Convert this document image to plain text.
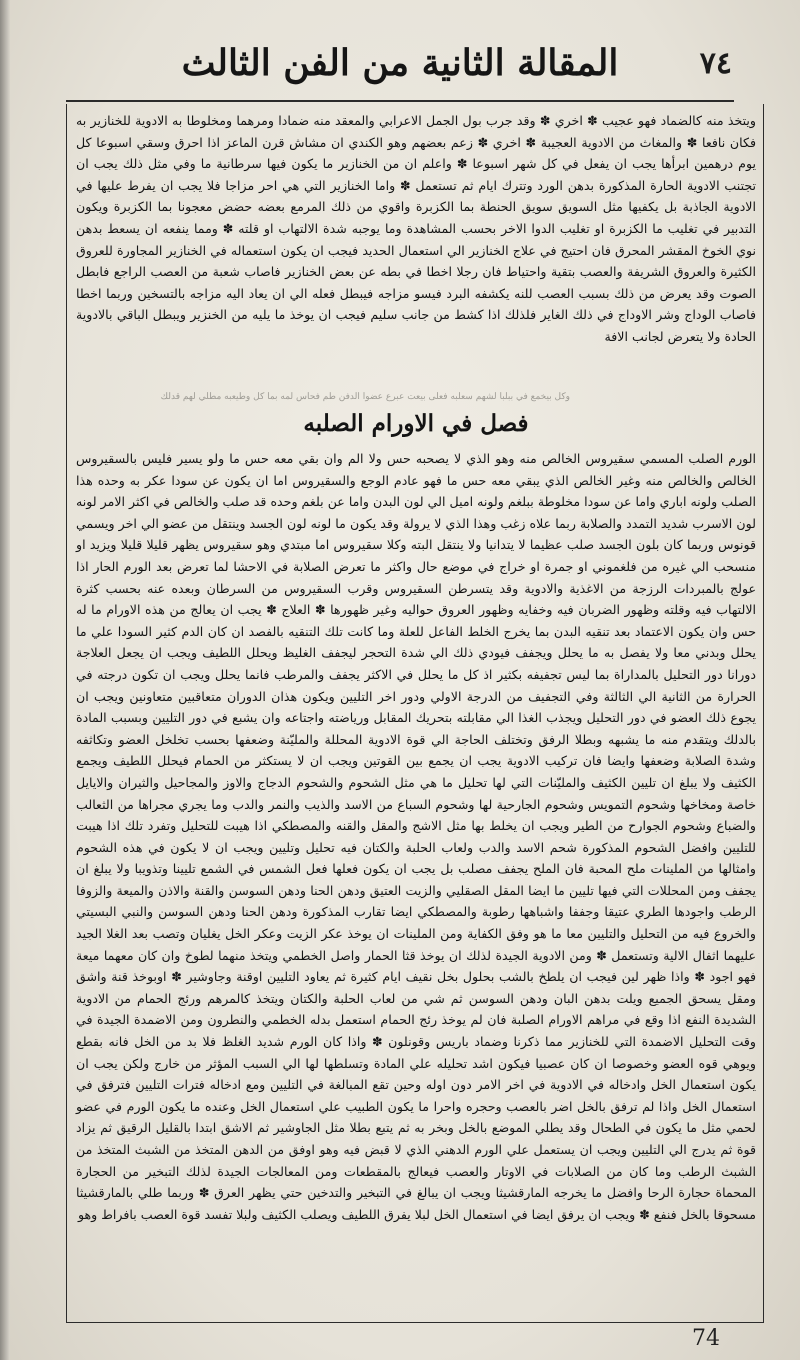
٧٤
المقالة الثانية من الفن الثالث
وكل بيخمع في ببلبا لشهم سعلبه فعلى بيعت عبرع عضوا الدفن طم فحاس لمه بما كل وطيعبه مطلي لهم قدلك

ويتخذ منه كالضماد فهو عجيب ✽ اخري ✽ وقد جرب بول الجمل الاعرابي والمعقد منه ضمادا ومرهما ومخلوطا به الادوية للخنازير به فكان نافعا ✽ والمغاث من الادوية العجيبة ✽ اخري ✽ زعم بعضهم وهو الكندي ان مشاش قرن الماعز اذا احرق وسقي اسبوعا كل يوم درهمين ابرأها يجب ان يفعل في كل شهر اسبوعا ✽ واعلم ان من الخنازير ما يكون فيها سرطانية ما وفي مثل ذلك يجب ان تجتنب الادوية الحارة المذكورة بدهن الورد وتترك ايام ثم تستعمل ✽ واما الخنازير التي هي احر مزاجا فلا يجب ان يفرط عليها في الادوية الجاذبة بل يكفيها مثل السويق سويق الحنطة بما الكزبرة واقوي من ذلك المرمع بعضه حضض معجونا بما الكزبرة ويكون التدبير في تغليب ما الكزبرة او تغليب الدوا الاخر بحسب المشاهدة وما يوجبه شدة الالتهاب او قلته ✽ ومما ينفعه ان يسعط بدهن نوي الخوخ المقشر المحرق فان احتيج في علاج الخنازير الي استعمال الحديد فيجب ان يكون استعماله في الخنازير المجاورة للعروق الكثيرة والعروق الشريفة والعصب بتقية واحتياط فان رجلا اخطا في بطه عن بعض الخنازير فاصاب شعبة من العصب الراجع فابطل الصوت وقد يعرض من ذلك بسبب العصب للنه يكشفه البرد فيسو مزاجه فيبطل فعله الي ان يعاد اليه مزاجه بالتسخين وربما اخطا فاصاب الوداج وشر الاوداج في ذلك الغاير فلذلك اذا كشط من جانب سليم فيجب ان يوخذ ما يليه من الخنزير ويبطل الباقي بالادوية الحادة ولا يتعرض لجانب الافة

فصل في الاورام الصلبه

الورم الصلب المسمي سقيروس الخالص منه وهو الذي لا يصحبه حس ولا الم وان بقي معه حس ما ولو يسير فليس بالسقيروس الخالص والخالص منه وغير الخالص الذي يبقي معه حس ما فهو عادم الوجع والسقيروس اما ان يكون عن سودا عكر به وحده هذا الصلب ولونه اباري واما عن سودا مخلوطة ببلغم ولونه اميل الي لون البدن واما عن بلغم وحده قد صلب والخالص في اكثر الامر لونه لون الاسرب شديد التمدد والصلابة ربما علاه زغب وهذا الذي لا يرولة وقد يكون ما لونه لون الجسد وينتقل من عضو الي اخر ويسمي قونوس وربما كان بلون الجسد صلب عظيما لا يتدانيا ولا ينتقل البته وكلا سقيروس اما مبتدي وهو سقيروس يظهر قليلا قليلا ويزيد او منسحب الي غيره من فلغموني او جمرة او خراج في موضع حال واكثر ما تعرض الصلابة في الاحشا لما تعرض بعد الورم الحار اذا عولج بالمبردات الرزجة من الاغذية والادوية وقد يتسرطن السقيروس وقرب السقيروس من السرطان وبعده عنه بحسب كثرة الالتهاب فيه وقلته وظهور الضربان فيه وخفايه وظهور العروق حواليه وغير ظهورها ✽ العلاج ✽ يجب ان يعالج من هذه الاورام ما له حس وان يكون الاعتماد بعد تنقيه البدن بما يخرج الخلط الفاعل للعلة وما كانت تلك التنقيه بالفصد ان كان الدم كثير السودا علي ما يحلل وبدني معا ولا يفصل به ما يحلل ويجفف فيودي ذلك الي شدة التحجر ليجفف الغليظ ويحلل اللطيف ويجب ان يجعل العلاجة دورانا دور التحليل بالمداراة بما ليس تجفيفه بكثير اذ كل ما يحلل في الاكثر يجفف والمرطب فانما يحلل ويجب ان تكون درجته في الحرارة من الثانية الي الثالثة وفي التجفيف من الدرجة الاولي ودور اخر التليين ويكون هذان الدوران متعاقبين متعاونين ويجب ان يجوع ذلك العضو في دور التحليل ويجذب الغذا الي مقابلته بتحريك المقابل ورياضته واجتاعه وان يشبع في دور التليين وبسبب المادة بالدلك ويتقدم منه ما يشبهه وبطلا الرفق وتختلف الحاجة الي قوة الادوية المحللة والمليّنة وضعفها بحسب تخلخل العضو وتكاثفه وشدة الصلابة وضعفها وايضا فان تركيب الادوية يجب ان يجمع بين القوتين ويجب ان لا يستكثر من الحمام فيحلل اللطيف ويجمع الكثيف ولا يبلغ ان تليين الكثيف والمليّنات التي لها تحليل ما هي مثل الشحوم والشحوم الدجاج والاوز والمجاحيل والثيران والايايل خاصة ومخاخها وشحوم التمويس وشحوم الجارحية لها وشحوم السباع من الاسد والذيب والنمر والدب وما يجري مجراها من الثعالب والضباع وشحوم الجوارح من الطير ويجب ان يخلط بها مثل الاشج والمقل والقنه والمصطكي اذا هيبت للتحليل وتفرد تلك اذا هيبت للتليين وافضل الشحوم المذكورة شحم الاسد والدب ولعاب الحلبة والكتان فيه تحليل وتليين ويجب ان لا يكون في هذه الشحوم وامثالها من الملينات ملح المحبة فان الملح يجفف مصلب بل يجب ان يكون فعلها فعل الشمس في الشمع تليينا وتذويبا ولا يبلغ ان يجفف ومن المحللات التي فيها تليين ما ايضا المقل الصقليي والزيت العتيق ودهن الحنا ودهن السوسن والقنة والاذن والميعة والزوفا الرطب واجودها الطري عتيقا وجففا واشباهها رطوبة والمصطكي ايضا تقارب المذكورة ودهن الحنا ودهن السوسن والنبي البسيتي والخروع فيه من التحليل والتليين معا ما هو وفق الكفاية ومن الملينات ان يوخذ عكر الزيت وعكر الخل يغليان وتصب بعد الغلا الجيد عليهما اثفال الالية وتستعمل ✽ ومن الادوية الجيدة لذلك ان يوخذ قثا الحمار واصل الخطمي ويتخذ منهما لطوخ وان كان معهما ميعة فهو اجود ✽ واذا ظهر لين فيجب ان يلطخ بالشب بحلول بخل نقيف ايام كثيرة ثم يعاود التليين اوقنة وجاوشير ✽ اوبوخذ قنة واشق ومقل يسحق الجميع ويلت بدهن البان ودهن السوسن ثم شي من لعاب الحلبة والكتان ويتخذ كالمرهم ورئج الحمام من الادوية الشديدة النفع اذا وقع في مراهم الاورام الصلبة فان لم يوخذ رئج الحمام استعمل بدله الخطمي والنطرون ومن الاضمدة الجيدة في وقت التحليل الاضمدة التي للخنازير مما ذكرنا وضماد باريس وقونلون ✽ واذا كان الورم شديد الغلظ فلا بد من الخل فانه بقطع ويوهي قوه العضو وخصوصا ان كان عصبيا فيكون اشد تحليله علي المادة وتسلطها لها الي السبب المؤثر من خارج ولكن يجب ان يكون استعمال الخل وادخاله في الادوية في اخر الامر دون اوله وحين تقع المبالغة في التليين ومع ادخاله فترات التليين فترفق في استعمال الخل واذا لم ترفق بالخل اضر بالعصب وحجره واحرا ما يكون الطبيب علي استعمال الخل وعنده ما يكون الورم في عضو لحمي مثل ما يكون في الطحال وقد يطلي الموضع بالخل وبخر به ثم يتبع بطلا مثل الجاوشير ثم الاشق ابتدا بالقليل الرقيق ثم يزاد قوة ثم يدرج الي التليين ويجب ان يستعمل علي الورم الدهني الذي لا قبض فيه وهو اوفق من الدهن المتخذ من الشبث المتخذ من الشبث الرطب وما كان من الصلابات في الاوتار والعصب فيعالج بالمقطعات ومن المعالجات الجيدة لذلك التبخير من الحجارة المحماة حجارة الرحا وافضل ما يخرجه المارقشيثا ويجب ان يبالغ في التبخير والتدخين حتي يظهر العرق ✽ وربما طلي بالمارقشيثا مسحوقا بالخل فنفع ✽ ويجب ان يرفق ايضا في استعمال الخل لبلا يفرق اللطيف ويصلب الكثيف ولبلا تفسد قوة العصب بافراط وهو

74
